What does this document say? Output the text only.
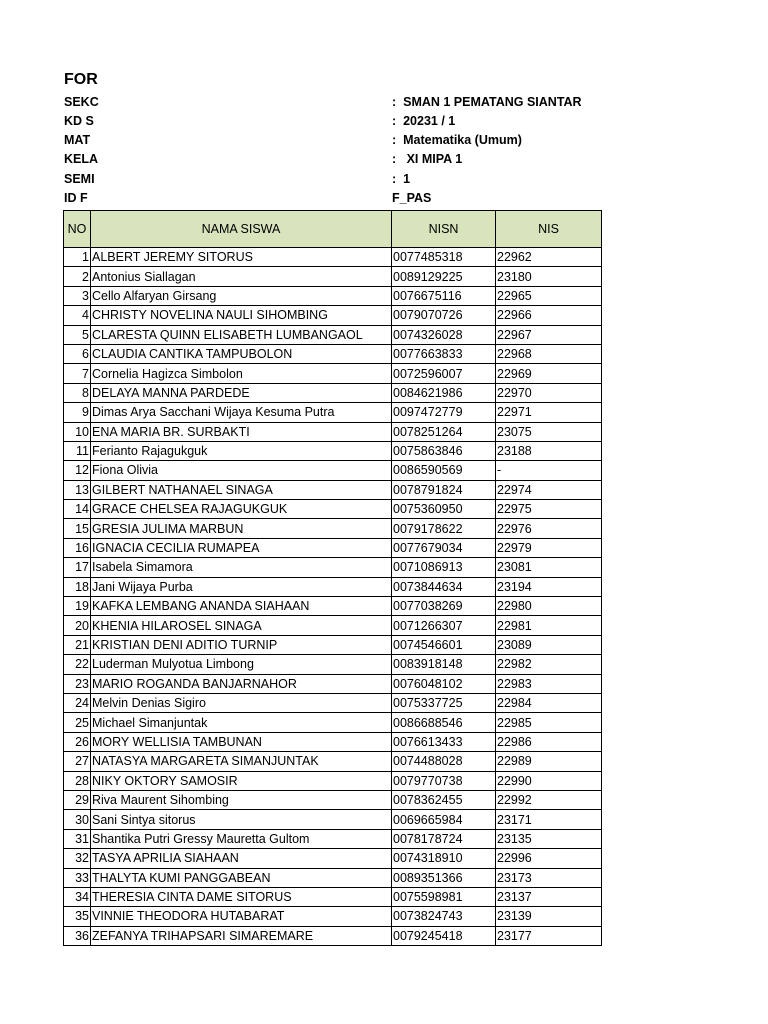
FOR
SEKC	:  SMAN 1 PEMATANG SIANTAR
KD S	:  20231 / 1
MAT	:  Matematika (Umum)
KELA	:   XI MIPA 1
SEMI	:  1
ID F	F_PAS
NO	NAMA SISWA	NISN	NIS
1	ALBERT JEREMY SITORUS	0077485318	22962
2	Antonius Siallagan	0089129225	23180
3	Cello Alfaryan Girsang	0076675116	22965
4	CHRISTY NOVELINA NAULI SIHOMBING	0079070726	22966
5	CLARESTA QUINN ELISABETH LUMBANGAOL	0074326028	22967
6	CLAUDIA CANTIKA TAMPUBOLON	0077663833	22968
7	Cornelia Hagizca Simbolon	0072596007	22969
8	DELAYA MANNA PARDEDE	0084621986	22970
9	Dimas Arya Sacchani Wijaya Kesuma Putra	0097472779	22971
10	ENA MARIA BR. SURBAKTI	0078251264	23075
11	Ferianto Rajagukguk	0075863846	23188
12	Fiona Olivia	0086590569	-
13	GILBERT NATHANAEL SINAGA	0078791824	22974
14	GRACE CHELSEA RAJAGUKGUK	0075360950	22975
15	GRESIA JULIMA MARBUN	0079178622	22976
16	IGNACIA CECILIA RUMAPEA	0077679034	22979
17	Isabela Simamora	0071086913	23081
18	Jani Wijaya Purba	0073844634	23194
19	KAFKA LEMBANG ANANDA SIAHAAN	0077038269	22980
20	KHENIA HILAROSEL SINAGA	0071266307	22981
21	KRISTIAN DENI ADITIO TURNIP	0074546601	23089
22	Luderman Mulyotua Limbong	0083918148	22982
23	MARIO ROGANDA BANJARNAHOR	0076048102	22983
24	Melvin Denias Sigiro	0075337725	22984
25	Michael Simanjuntak	0086688546	22985
26	MORY WELLISIA TAMBUNAN	0076613433	22986
27	NATASYA MARGARETA SIMANJUNTAK	0074488028	22989
28	NIKY OKTORY SAMOSIR	0079770738	22990
29	Riva Maurent Sihombing	0078362455	22992
30	Sani Sintya sitorus	0069665984	23171
31	Shantika Putri Gressy Mauretta Gultom	0078178724	23135
32	TASYA APRILIA SIAHAAN	0074318910	22996
33	THALYTA KUMI PANGGABEAN	0089351366	23173
34	THERESIA CINTA DAME SITORUS	0075598981	23137
35	VINNIE THEODORA HUTABARAT	0073824743	23139
36	ZEFANYA TRIHAPSARI SIMAREMARE	0079245418	23177
